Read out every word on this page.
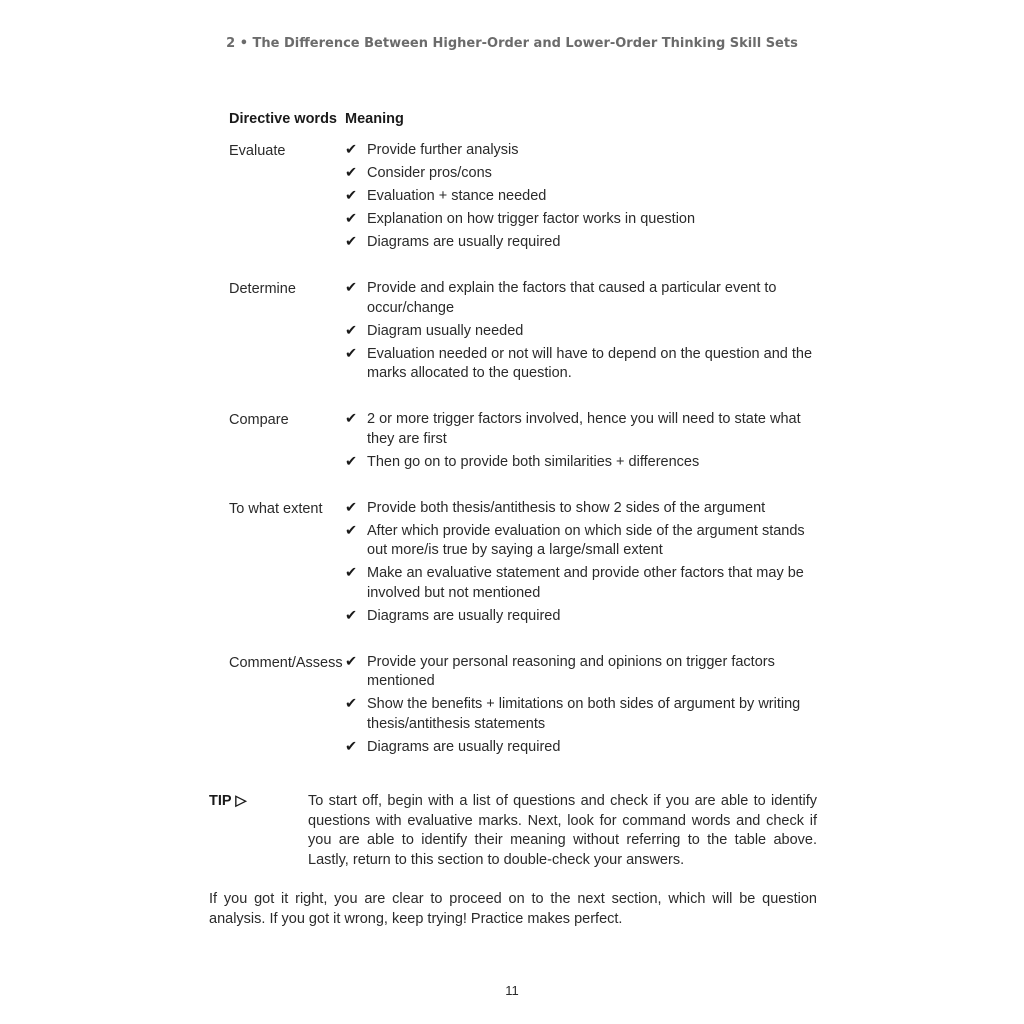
2 • The Difference Between Higher-Order and Lower-Order Thinking Skill Sets
Directive words Meaning
Evaluate	✔ Provide further analysis
✔ Consider pros/cons
✔ Evaluation + stance needed
✔ Explanation on how trigger factor works in question
✔ Diagrams are usually required
Determine	✔ Provide and explain the factors that caused a particular event to occur/change
✔ Diagram usually needed
✔ Evaluation needed or not will have to depend on the question and the marks allocated to the question.
Compare	✔ 2 or more trigger factors involved, hence you will need to state what they are first
✔ Then go on to provide both similarities + differences
To what extent	✔ Provide both thesis/antithesis to show 2 sides of the argument
✔ After which provide evaluation on which side of the argument stands out more/is true by saying a large/small extent
✔ Make an evaluative statement and provide other factors that may be involved but not mentioned
✔ Diagrams are usually required
Comment/Assess ✔ Provide your personal reasoning and opinions on trigger factors mentioned
✔ Show the benefits + limitations on both sides of argument by writing thesis/antithesis statements
✔ Diagrams are usually required
TIP ▷	To start off, begin with a list of questions and check if you are able to identify questions with evaluative marks. Next, look for command words and check if you are able to identify their meaning without referring to the table above. Lastly, return to this section to double-check your answers.
If you got it right, you are clear to proceed on to the next section, which will be question analysis. If you got it wrong, keep trying! Practice makes perfect.
11
